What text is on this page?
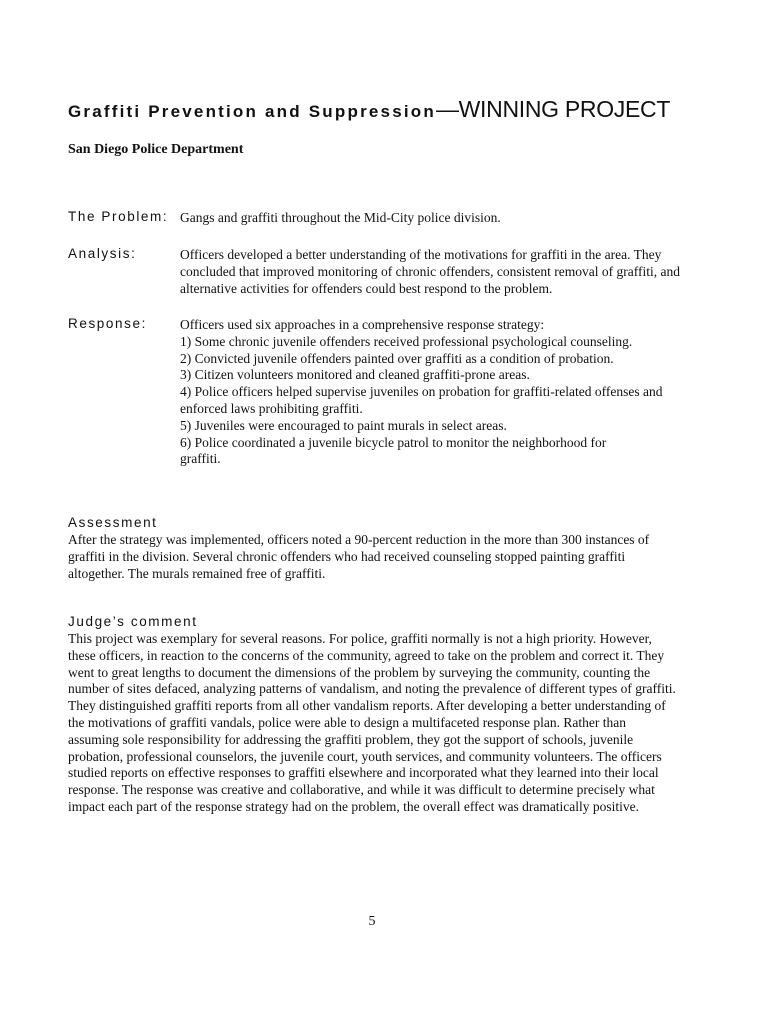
Graffiti Prevention and Suppression—WINNING PROJECT
San Diego Police Department
The Problem: Gangs and graffiti throughout the Mid-City police division.
Analysis:	Officers developed a better understanding of the motivations for graffiti in the area. They concluded that improved monitoring of chronic offenders, consistent removal of graffiti, and alternative activities for offenders could best respond to the problem.
Response: Officers used six approaches in a comprehensive response strategy:

1) Some chronic juvenile offenders received professional psychological counseling.

2) Convicted juvenile offenders painted over graffiti as a condition of probation.

3) Citizen volunteers monitored and cleaned graffiti-prone areas.

4) Police officers helped supervise juveniles on probation for graffiti-related offenses and enforced laws prohibiting graffiti.

5) Juveniles were encouraged to paint murals in select areas.

6) Police coordinated a juvenile bicycle patrol to monitor the neighborhood for graffiti.

Assessment

After the strategy was implemented, officers noted a 90-percent reduction in the more than 300 instances of graffiti in the division. Several chronic offenders who had received counseling stopped painting graffiti altogether. The murals remained free of graffiti.

Judge’s comment

This project was exemplary for several reasons. For police, graffiti normally is not a high priority. However, these officers, in reaction to the concerns of the community, agreed to take on the problem and correct it. They went to great lengths to document the dimensions of the problem by surveying the community, counting the number of sites defaced, analyzing patterns of vandalism, and noting the prevalence of different types of graffiti. They distinguished graffiti reports from all other vandalism reports. After developing a better understanding of the motivations of graffiti vandals, police were able to design a multifaceted response plan. Rather than assuming sole responsibility for addressing the graffiti problem, they got the support of schools, juvenile probation, professional counselors, the juvenile court, youth services, and community volunteers. The officers studied reports on effective responses to graffiti elsewhere and incorporated what they learned into their local response. The response was creative and collaborative, and while it was difficult to determine precisely what impact each part of the response strategy had on the problem, the overall effect was dramatically positive.

5
